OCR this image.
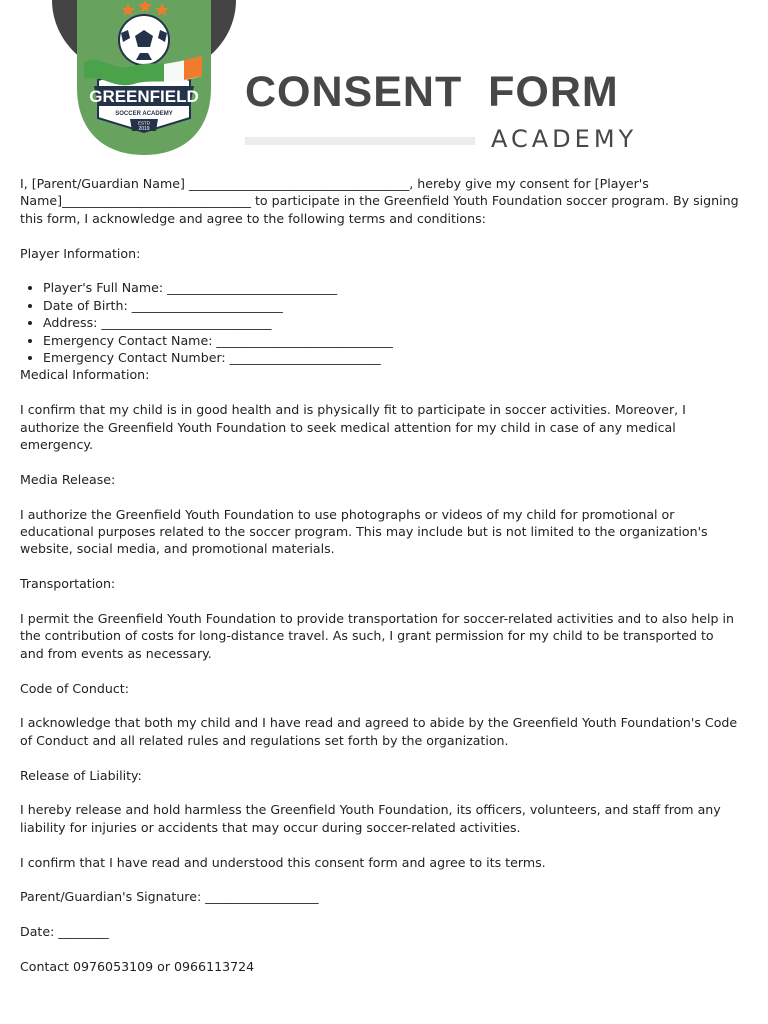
GREENFIELD
SOCCER ACADEMY
ESTD
2019
CONSENT  FORM
ACADEMY

I, [Parent/Guardian Name] ___________________________________, hereby give my consent for [Player's Name]______________________________ to participate in the Greenfield Youth Foundation soccer program. By signing this form, I acknowledge and agree to the following terms and conditions:

Player Information:

• Player's Full Name: ___________________________
• Date of Birth: ________________________
• Address: ___________________________
• Emergency Contact Name: ____________________________
• Emergency Contact Number: ________________________

Medical Information:

I confirm that my child is in good health and is physically fit to participate in soccer activities. Moreover, I authorize the Greenfield Youth Foundation to seek medical attention for my child in case of any medical emergency.

Media Release:

I authorize the Greenfield Youth Foundation to use photographs or videos of my child for promotional or educational purposes related to the soccer program. This may include but is not limited to the organization's website, social media, and promotional materials.

Transportation:

I permit the Greenfield Youth Foundation to provide transportation for soccer-related activities and to also help in the contribution of costs for long-distance travel. As such, I grant permission for my child to be transported to and from events as necessary.

Code of Conduct:

I acknowledge that both my child and I have read and agreed to abide by the Greenfield Youth Foundation's Code of Conduct and all related rules and regulations set forth by the organization.

Release of Liability:

I hereby release and hold harmless the Greenfield Youth Foundation, its officers, volunteers, and staff from any liability for injuries or accidents that may occur during soccer-related activities.

I confirm that I have read and understood this consent form and agree to its terms.

Parent/Guardian's Signature: __________________

Date: ________

Contact 0976053109 or 0966113724
